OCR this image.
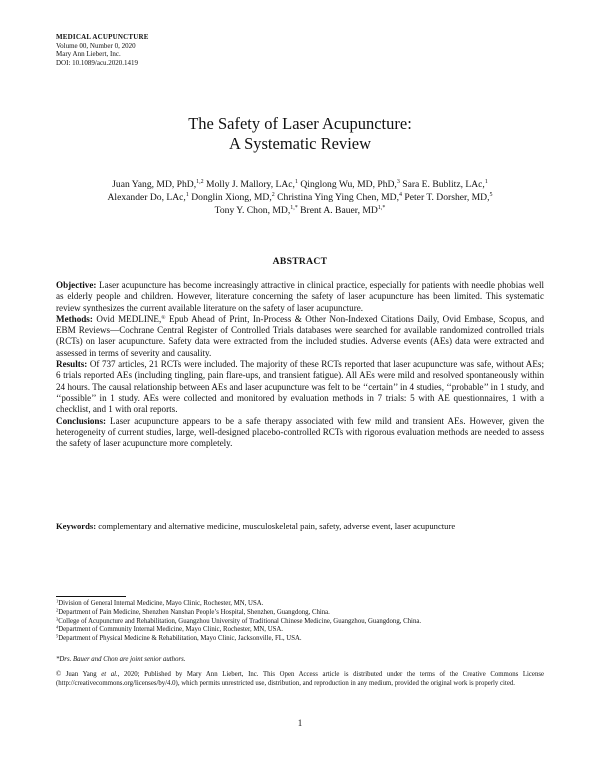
MEDICAL ACUPUNCTURE
Volume 00, Number 0, 2020
Mary Ann Liebert, Inc.
DOI: 10.1089/acu.2020.1419
The Safety of Laser Acupuncture:
A Systematic Review
Juan Yang, MD, PhD,$^{1,2}$ Molly J. Mallory, LAc,$^1$ Qinglong Wu, MD, PhD,$^3$ Sara E. Bublitz, LAc,$^1$
Alexander Do, LAc,$^1$ Donglin Xiong, MD,$^2$ Christina Ying Ying Chen, MD,$^4$ Peter T. Dorsher, MD,$^5$
Tony Y. Chon, MD,$^{1,*}$ Brent A. Bauer, $MD^{1,*}$
ABSTRACT

Objective: Laser acupuncture has become increasingly attractive in clinical practice, especially for patients with needle phobias well as elderly people and children. However, literature concerning the safety of laser acupuncture has been limited. This systematic review synthesizes the current available literature on the safety of laser acupuncture.

Methods: Ovid MEDLINE,® Epub Ahead of Print, In-Process & Other Non-Indexed Citations Daily, Ovid Embase, Scopus, and EBM Reviews—Cochrane Central Register of Controlled Trials databases were searched for available randomized controlled trials (RCTs) on laser acupuncture. Safety data were extracted from the included studies. Adverse events (AEs) data were extracted and assessed in terms of severity and causality.

Results: Of 737 articles, 21 RCTs were included. The majority of these RCTs reported that laser acupuncture was safe, without AEs; 6 trials reported AEs (including tingling, pain flare-ups, and transient fatigue). All AEs were mild and resolved spontaneously within 24 hours. The causal relationship between AEs and laser acupuncture was felt to be ‘‘certain’’ in 4 studies, ‘‘probable’’ in 1 study, and ‘‘possible’’ in 1 study. AEs were collected and monitored by evaluation methods in 7 trials: 5 with AE questionnaires, 1 with a checklist, and 1 with oral reports.

Conclusions: Laser acupuncture appears to be a safe therapy associated with few mild and transient AEs. However, given the heterogeneity of current studies, large, well-designed placebo-controlled RCTs with rigorous evaluation methods are needed to assess the safety of laser acupuncture more completely.

Keywords: complementary and alternative medicine, musculoskeletal pain, safety, adverse event, laser acupuncture
$^1$Division of General Internal Medicine, Mayo Clinic, Rochester, MN, USA.
$^2$Department of Pain Medicine, Shenzhen Nanshan People’s Hospital, Shenzhen, Guangdong, China.
$^3$College of Acupuncture and Rehabilitation, Guangzhou University of Traditional Chinese Medicine, Guangzhou, Guangdong, China.
$^4$Department of Community Internal Medicine, Mayo Clinic, Rochester, MN, USA.
$^5$Department of Physical Medicine & Rehabilitation, Mayo Clinic, Jacksonville, FL, USA.
*Drs. Bauer and Chon are joint senior authors.
© Juan Yang et al., 2020; Published by Mary Ann Liebert, Inc. This Open Access article is distributed under the terms of the Creative Commons License (http://creativecommons.org/licenses/by/4.0), which permits unrestricted use, distribution, and reproduction in any medium, provided the original work is properly cited.
1
